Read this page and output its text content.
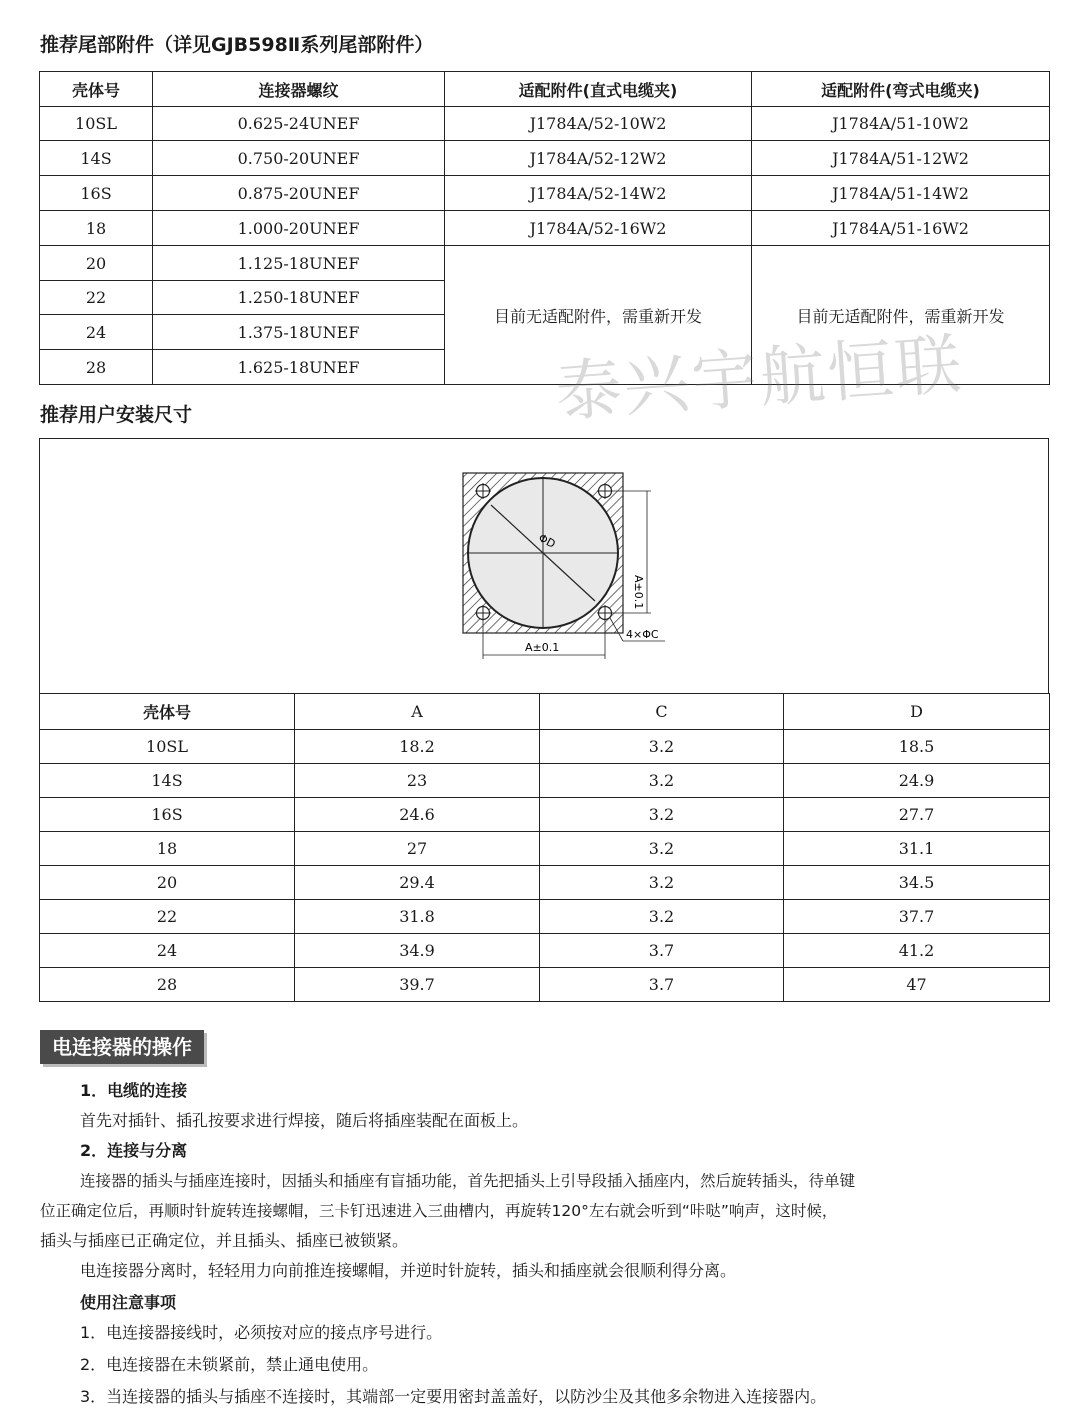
推荐尾部附件（详见GJB598Ⅱ系列尾部附件）
壳体号	连接器螺纹	适配附件(直式电缆夹)	适配附件(弯式电缆夹)
10SL	0.625-24UNEF	J1784A/52-10W2	J1784A/51-10W2
14S	0.750-20UNEF	J1784A/52-12W2	J1784A/51-12W2
16S	0.875-20UNEF	J1784A/52-14W2	J1784A/51-14W2
18	1.000-20UNEF	J1784A/52-16W2	J1784A/51-16W2
20	1.125-18UNEF	目前无适配附件，需重新开发	目前无适配附件，需重新开发
22	1.250-18UNEF		
24	1.375-18UNEF		
28	1.625-18UNEF			泰兴宇航恒联
推荐用户安装尺寸
ΦD
A±0.1
A±0.1
4×ΦC
壳体号	A	C	D
10SL	18.2	3.2	18.5
14S	23	3.2	24.9
16S	24.6	3.2	27.7
18	27	3.2	31.1
20	29.4	3.2	34.5
22	31.8	3.2	37.7
24	34.9	3.7	41.2
28	39.7	3.7	47
电连接器的操作
1．电缆的连接
首先对插针、插孔按要求进行焊接，随后将插座装配在面板上。
2．连接与分离
连接器的插头与插座连接时，因插头和插座有盲插功能，首先把插头上引导段插入插座内，然后旋转插头，待单键
位正确定位后，再顺时针旋转连接螺帽，三卡钉迅速进入三曲槽内，再旋转120°左右就会听到“咔哒”响声，这时候，
插头与插座已正确定位，并且插头、插座已被锁紧。
电连接器分离时，轻轻用力向前推连接螺帽，并逆时针旋转，插头和插座就会很顺利得分离。
使用注意事项
1．电连接器接线时，必须按对应的接点序号进行。
2．电连接器在未锁紧前，禁止通电使用。
3．当连接器的插头与插座不连接时，其端部一定要用密封盖盖好，以防沙尘及其他多余物进入连接器内。
